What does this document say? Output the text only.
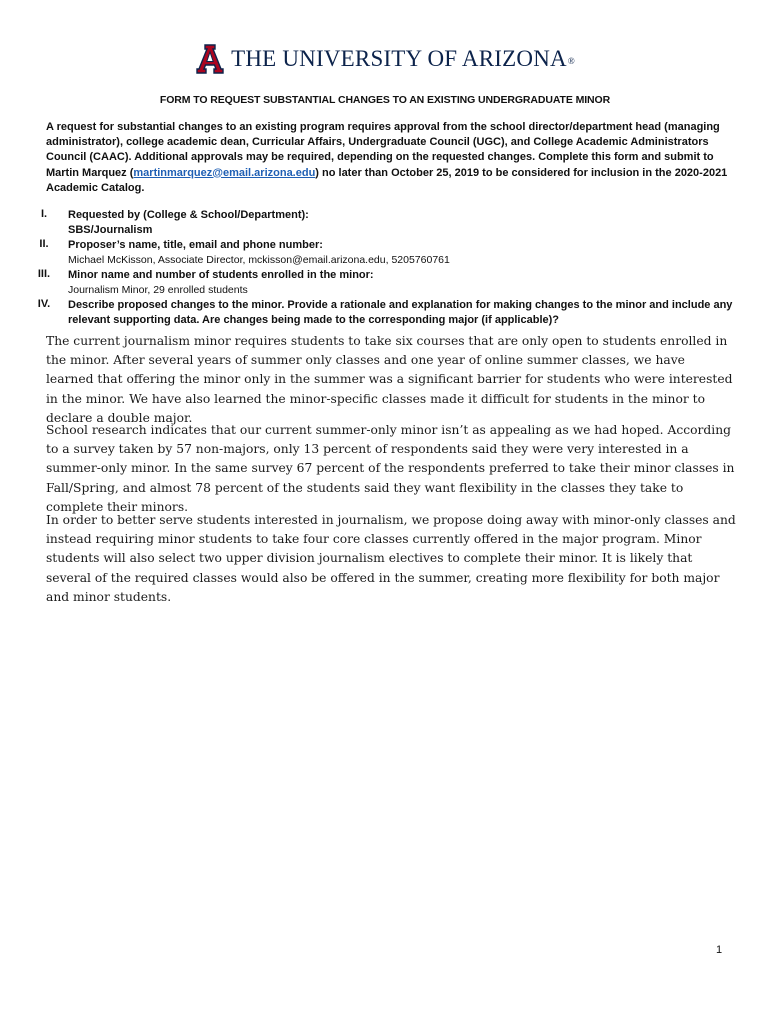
THE UNIVERSITY OF ARIZONA®
FORM TO REQUEST SUBSTANTIAL CHANGES TO AN EXISTING UNDERGRADUATE MINOR
A request for substantial changes to an existing program requires approval from the school director/department head (managing administrator), college academic dean, Curricular Affairs, Undergraduate Council (UGC), and College Academic Administrators Council (CAAC). Additional approvals may be required, depending on the requested changes. Complete this form and submit to Martin Marquez (martinmarquez@email.arizona.edu) no later than October 25, 2019 to be considered for inclusion in the 2020-2021 Academic Catalog.
I.	Requested by (College & School/Department):
SBS/Journalism
II.	Proposer’s name, title, email and phone number:
Michael McKisson, Associate Director, mckisson@email.arizona.edu, 5205760761
III.	Minor name and number of students enrolled in the minor:
Journalism Minor, 29 enrolled students
IV.	Describe proposed changes to the minor. Provide a rationale and explanation for making changes to the minor and include any relevant supporting data. Are changes being made to the corresponding major (if applicable)?

The current journalism minor requires students to take six courses that are only open to students enrolled in the minor. After several years of summer only classes and one year of online summer classes, we have learned that offering the minor only in the summer was a significant barrier for students who were interested in the minor. We have also learned the minor-specific classes made it difficult for students in the minor to declare a double major.

School research indicates that our current summer-only minor isn’t as appealing as we had hoped. According to a survey taken by 57 non-majors, only 13 percent of respondents said they were very interested in a summer-only minor. In the same survey 67 percent of the respondents preferred to take their minor classes in Fall/Spring, and almost 78 percent of the students said they want flexibility in the classes they take to complete their minors.

In order to better serve students interested in journalism, we propose doing away with minor-only classes and instead requiring minor students to take four core classes currently offered in the major program. Minor students will also select two upper division journalism electives to complete their minor. It is likely that several of the required classes would also be offered in the summer, creating more flexibility for both major and minor students.

1
